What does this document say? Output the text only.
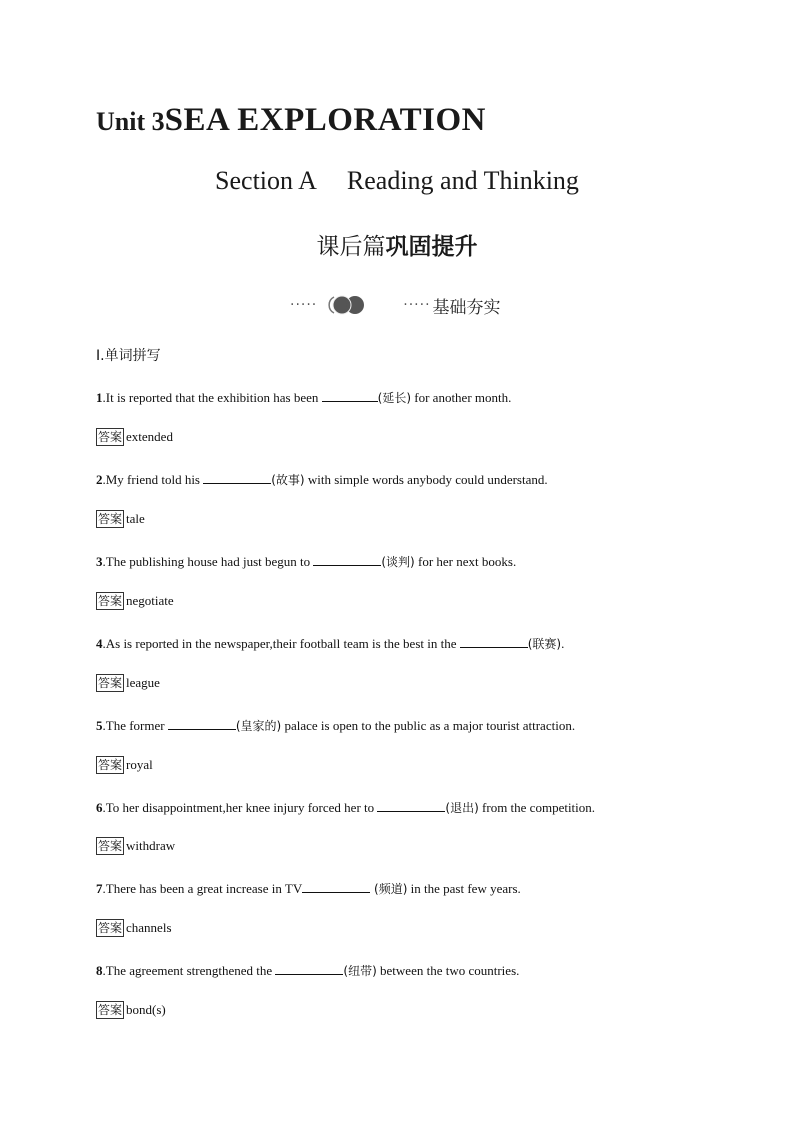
Unit 3SEA EXPLORATION
Section A Reading and Thinking
课后篇巩固提升
·····	····· 基础夯实
Ⅰ.单词拼写
1.It is reported that the exhibition has been	(延长) for another month.
答案 extended
2.My friend told his	(故事) with simple words anybody could understand.
答案 tale
3.The publishing house had just begun to	(谈判) for her next books.
答案 negotiate
4.As is reported in the newspaper,their football team is the best in the	(联赛).
答案 league
5.The former	(皇家的) palace is open to the public as a major tourist attraction.
答案 royal
6.To her disappointment,her knee injury forced her to	(退出) from the competition.
答案 withdraw
7.There has been a great increase in TV	(频道) in the past few years.
答案 channels
8.The agreement strengthened the	(纽带) between the two countries.
答案 bond(s)
